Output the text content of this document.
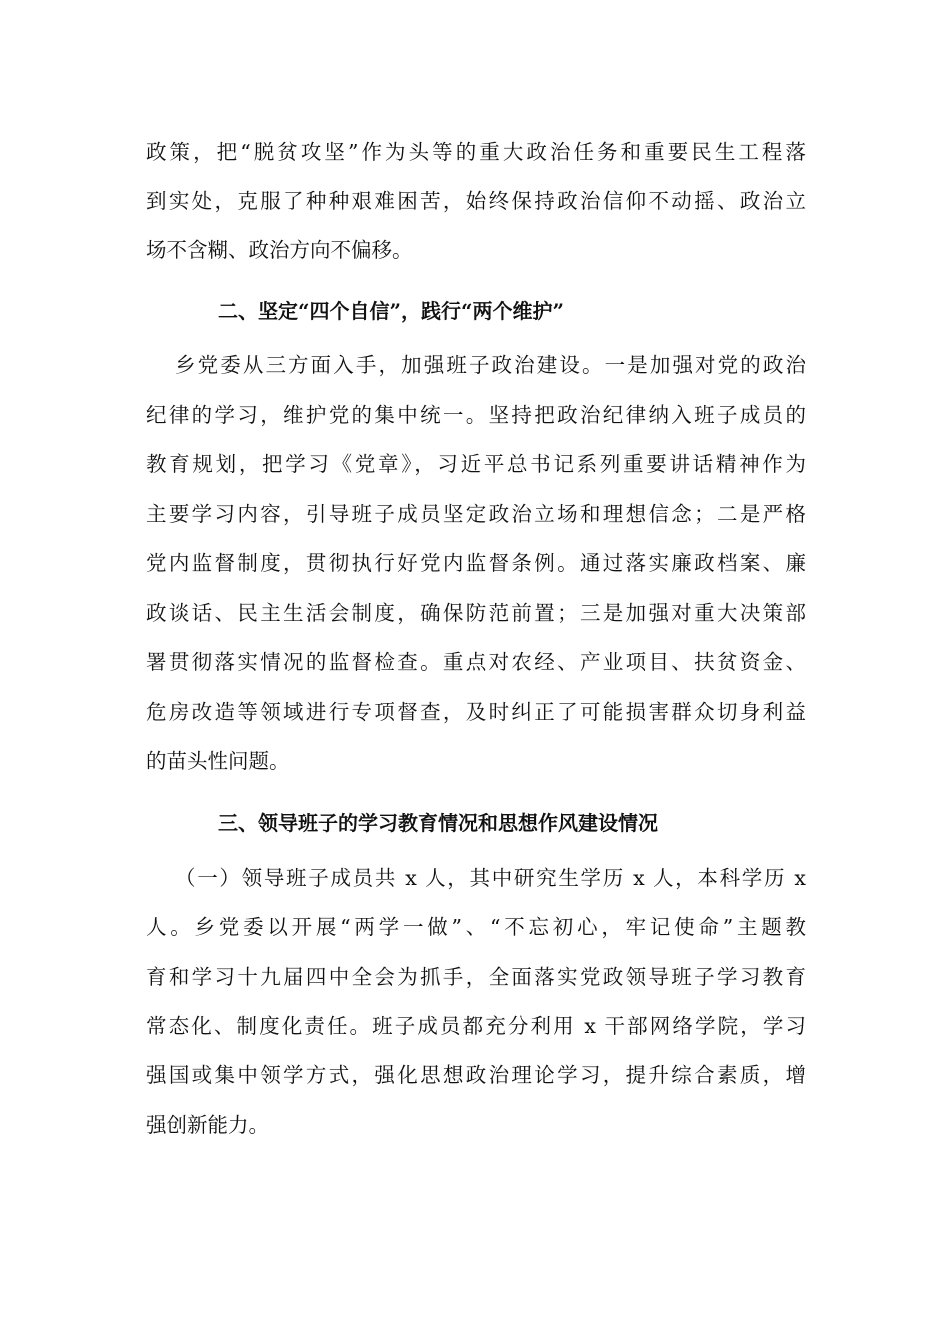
政策，把“脱贫攻坚”作为头等的重大政治任务和重要民生工程落
到实处，克服了种种艰难困苦，始终保持政治信仰不动摇、政治立
场不含糊、政治方向不偏移。
二、坚定“四个自信”，践行“两个维护”
乡党委从三方面入手，加强班子政治建设。一是加强对党的政治
纪律的学习，维护党的集中统一。坚持把政治纪律纳入班子成员的
教育规划，把学习《党章》，习近平总书记系列重要讲话精神作为
主要学习内容，引导班子成员坚定政治立场和理想信念；二是严格
党内监督制度，贯彻执行好党内监督条例。通过落实廉政档案、廉
政谈话、民主生活会制度，确保防范前置；三是加强对重大决策部
署贯彻落实情况的监督检查。重点对农经、产业项目、扶贫资金、
危房改造等领域进行专项督查，及时纠正了可能损害群众切身利益
的苗头性问题。
三、领导班子的学习教育情况和思想作风建设情况
（一）领导班子成员共 x 人，其中研究生学历 x 人，本科学历 x
人。乡党委以开展“两学一做”、“不忘初心，牢记使命”主题教
育和学习十九届四中全会为抓手，全面落实党政领导班子学习教育
常态化、制度化责任。班子成员都充分利用 x 干部网络学院，学习
强国或集中领学方式，强化思想政治理论学习，提升综合素质，增
强创新能力。
